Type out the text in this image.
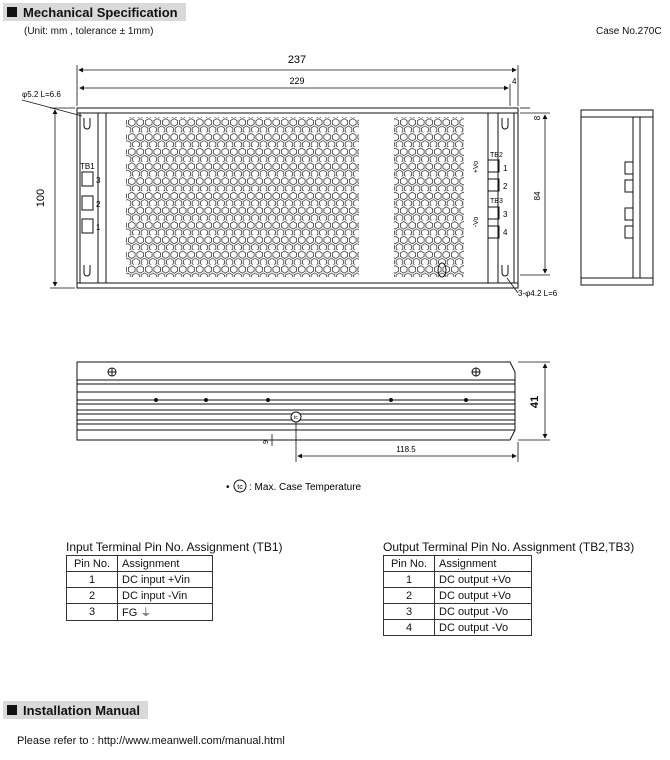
Mechanical Specification
(Unit: mm , tolerance ± 1mm)	Case No.270C
237
229	4
100
8
84
φ5.2 L=6.6
3-φ4.2 L=6
TB1
3
2
1
TB2
1
2
TB3
3
4
+Vo
-Vo
41
9
118.5
tc
• tc : Max. Case Temperature
Input Terminal Pin No. Assignment (TB1)
Pin No.	Assignment
1	DC input +Vin
2	DC input -Vin
3	FG ⏚
Output Terminal Pin No. Assignment (TB2,TB3)
Pin No.	Assignment
1	DC output +Vo
2	DC output +Vo
3	DC output -Vo
4	DC output -Vo
Installation Manual
Please refer to : http://www.meanwell.com/manual.html
